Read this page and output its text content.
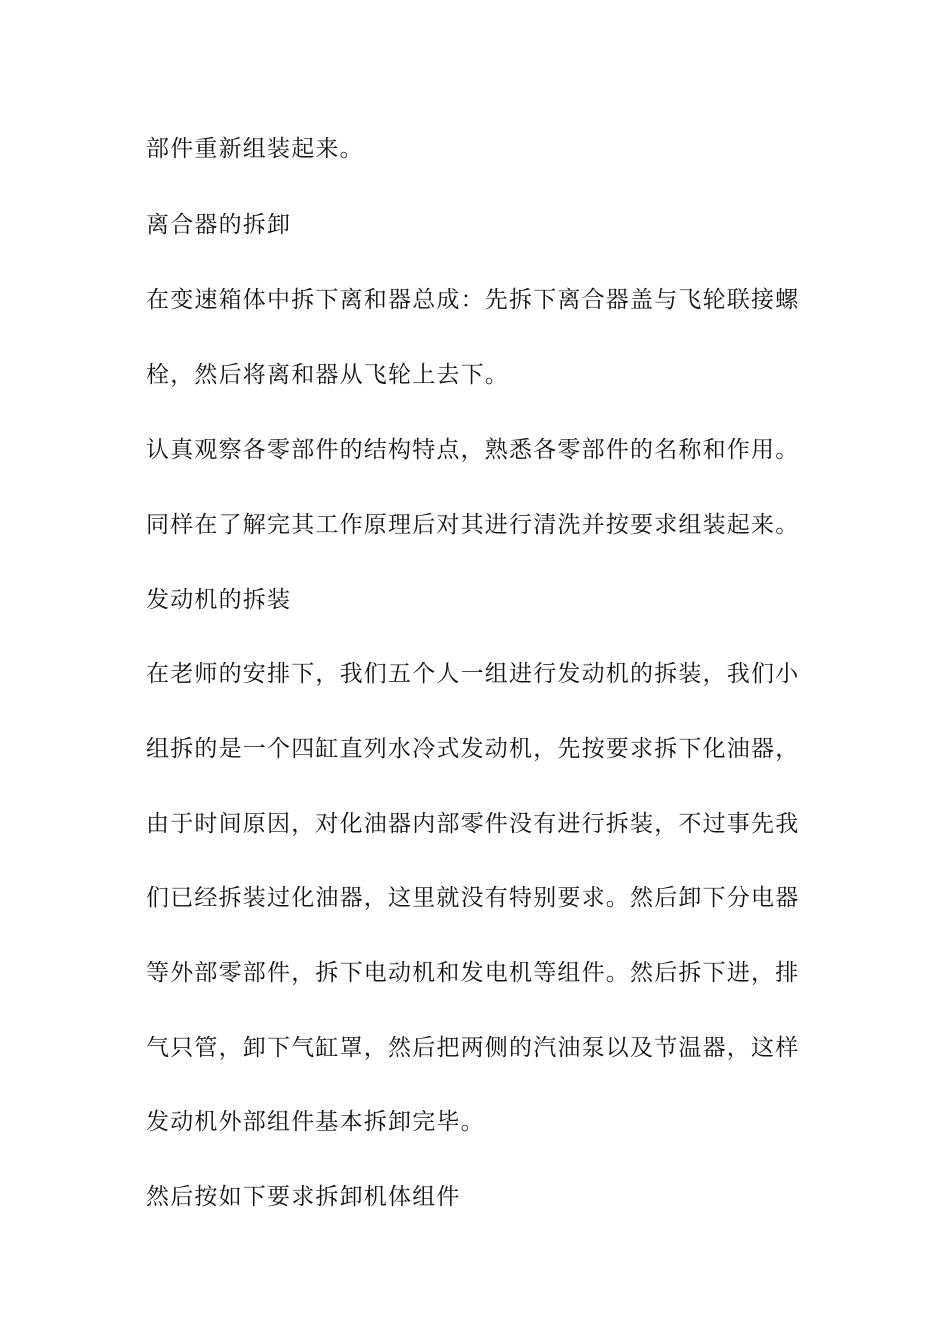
部件重新组装起来。
离合器的拆卸
在变速箱体中拆下离和器总成：先拆下离合器盖与飞轮联接螺
栓，然后将离和器从飞轮上去下。
认真观察各零部件的结构特点，熟悉各零部件的名称和作用。
同样在了解完其工作原理后对其进行清洗并按要求组装起来。
发动机的拆装
在老师的安排下，我们五个人一组进行发动机的拆装，我们小
组拆的是一个四缸直列水冷式发动机，先按要求拆下化油器，
由于时间原因，对化油器内部零件没有进行拆装，不过事先我
们已经拆装过化油器，这里就没有特别要求。然后卸下分电器
等外部零部件，拆下电动机和发电机等组件。然后拆下进，排
气只管，卸下气缸罩，然后把两侧的汽油泵以及节温器，这样
发动机外部组件基本拆卸完毕。
然后按如下要求拆卸机体组件
